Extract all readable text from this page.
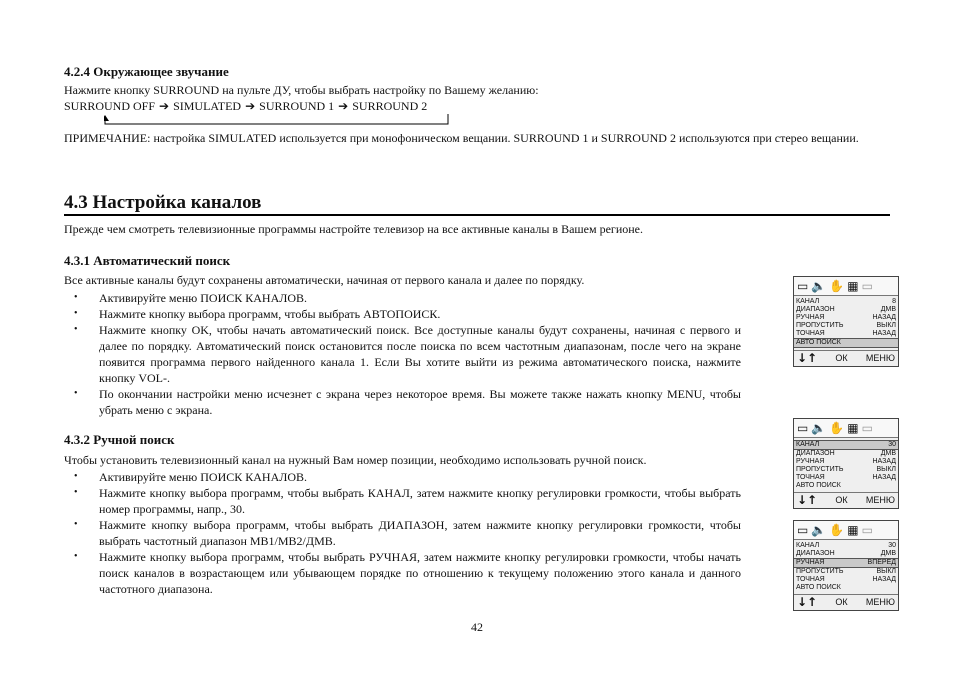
4.2.4 Окружающее звучание
Нажмите кнопку SURROUND на пульте ДУ, чтобы выбрать настройку по Вашему желанию:
SURROUND OFF ➔ SIMULATED ➔ SURROUND 1 ➔ SURROUND 2
ПРИМЕЧАНИЕ: настройка SIMULATED используется при монофоническом вещании. SURROUND 1 и SURROUND 2 используются при стерео вещании.
4.3 Настройка каналов
Прежде чем смотреть телевизионные программы настройте телевизор на все активные каналы в Вашем регионе.
4.3.1 Автоматический поиск
Все активные каналы будут сохранены автоматически, начиная от первого канала и далее по порядку.
• Активируйте меню ПОИСК КАНАЛОВ.
• Нажмите кнопку выбора программ, чтобы выбрать АВТОПОИСК.
• Нажмите кнопку OK, чтобы начать автоматический поиск. Все доступные каналы будут сохранены, начиная с первого и далее по порядку. Автоматический поиск остановится после поиска по всем частотным диапазонам, после чего на экране появится программа первого найденного канала 1. Если Вы хотите выйти из режима автоматического поиска, нажмите кнопку VOL-.
• По окончании настройки меню исчезнет с экрана через некоторое время. Вы можете также нажать кнопку MENU, чтобы убрать меню с экрана.
4.3.2 Ручной поиск
Чтобы установить телевизионный канал на нужный Вам номер позиции, необходимо использовать ручной поиск.
• Активируйте меню ПОИСК КАНАЛОВ.
• Нажмите кнопку выбора программ, чтобы выбрать КАНАЛ, затем нажмите кнопку регулировки громкости, чтобы выбрать номер программы, напр., 30.
• Нажмите кнопку выбора программ, чтобы выбрать ДИАПАЗОН, затем нажмите кнопку регулировки громкости, чтобы выбрать частотный диапазон MB1/MB2/ДМВ.
• Нажмите кнопку выбора программ, чтобы выбрать РУЧНАЯ, затем нажмите кнопку регулировки громкости, чтобы начать поиск каналов в возрастающем или убывающем порядке по отношению к текущему положению этого канала и данного частотного диапазона.
▭ 🔈 ✋ ▦ ▭
КАНАЛ	8
ДИАПАЗОН	ДМВ
РУЧНАЯ	НАЗАД
ПРОПУСТИТЬ	ВЫКЛ
ТОЧНАЯ	НАЗАД
АВТО ПОИСК
↓↑ ОК МЕНЮ
▭ 🔈 ✋ ▦ ▭
КАНАЛ	30
ДИАПАЗОН	ДМВ
РУЧНАЯ	НАЗАД
ПРОПУСТИТЬ	ВЫКЛ
ТОЧНАЯ	НАЗАД
АВТО ПОИСК
↓↑ ОК МЕНЮ
▭ 🔈 ✋ ▦ ▭
КАНАЛ	30
ДИАПАЗОН	ДМВ
РУЧНАЯ	ВПЕРЕД
ПРОПУСТИТЬ	ВЫКЛ
ТОЧНАЯ	НАЗАД
АВТО ПОИСК
↓↑ ОК МЕНЮ
42
